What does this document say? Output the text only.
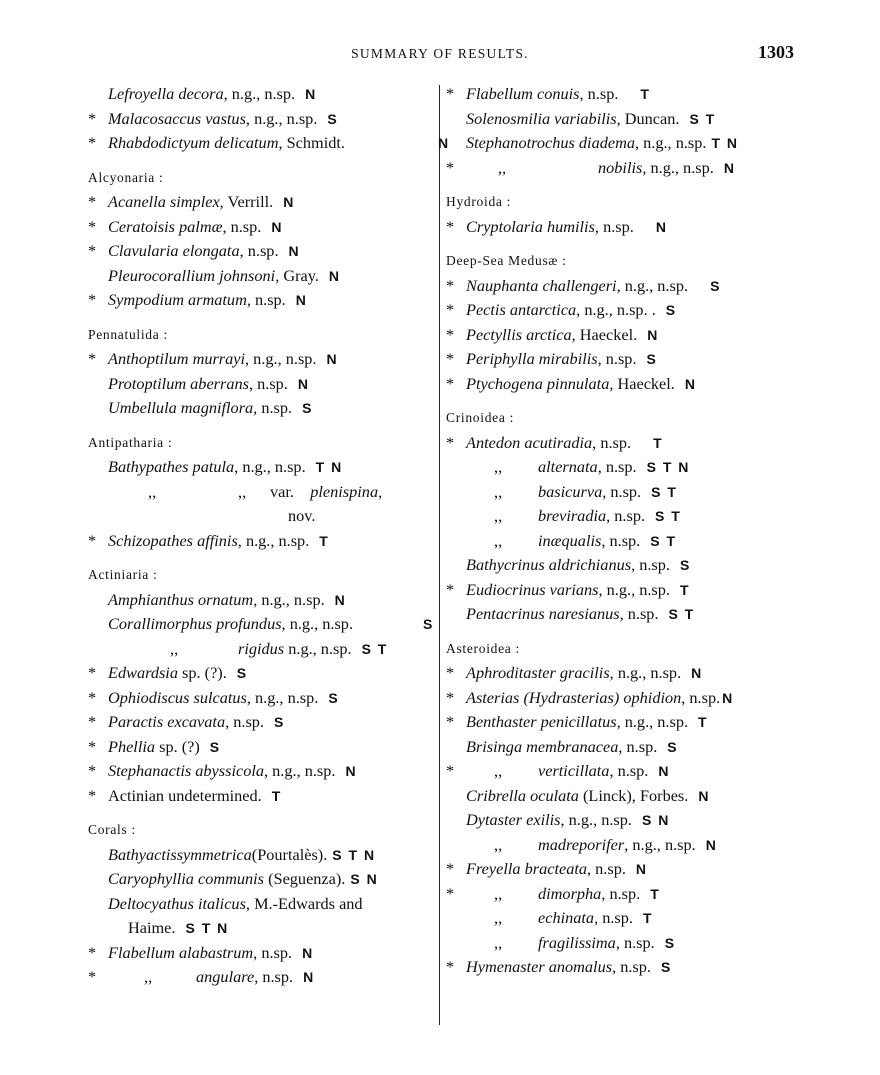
SUMMARY OF RESULTS.	1303
Lefroyella decora, n.g., n.sp. N
* Malacosaccus vastus, n.g., n.sp. S
* Rhabdodictyum delicatum, Schmidt.	N
Alcyonaria :
* Acanella simplex, Verrill. N
* Ceratoisis palmæ, n.sp. N
* Clavularia elongata, n.sp. N
Pleurocorallium johnsoni, Gray. N
* Sympodium armatum, n.sp. N
Pennatulida :
* Anthoptilum murrayi, n.g., n.sp. N
Protoptilum aberrans, n.sp. N
Umbellula magniflora, n.sp. S
Antipatharia :
Bathypathes patula, n.g., n.sp. T N
,,	,, var. plenispina,
nov.
* Schizopathes affinis, n.g., n.sp. T
Actiniaria :
Amphianthus ornatum, n.g., n.sp. N
Corallimorphus profundus, n.g., n.sp.	S
,,	rigidus n.g., n.sp. S T
* Edwardsia sp. (?). S
* Ophiodiscus sulcatus, n.g., n.sp. S
* Paractis excavata, n.sp. S
* Phellia sp. (?) S
* Stephanactis abyssicola, n.g., n.sp. N
* Actinian undetermined. T
Corals :
Bathyactissymmetrica(Pourtalès). S T N
Caryophyllia communis (Seguenza). S N
Deltocyathus italicus, M.-Edwards and
Haime. S T N
* Flabellum alabastrum, n.sp. N
*	,,	angulare, n.sp. N
* Flabellum conuis, n.sp. T
Solenosmilia variabilis, Duncan. S T
Stephanotrochus diadema, n.g., n.sp. T N
*	,,	nobilis, n.g., n.sp. N
Hydroida :
* Cryptolaria humilis, n.sp. N
Deep-Sea Medusæ :
* Nauphanta challengeri, n.g., n.sp. S
* Pectis antarctica, n.g., n.sp. . S
* Pectyllis arctica, Haeckel. N
* Periphylla mirabilis, n.sp. S
* Ptychogena pinnulata, Haeckel. N
Crinoidea :
* Antedon acutiradia, n.sp. T
,, alternata, n.sp. S T N
,, basicurva, n.sp. S T
,, breviradia, n.sp. S T
,, inæqualis, n.sp. S T
Bathycrinus aldrichianus, n.sp. S
* Eudiocrinus varians, n.g., n.sp. T
Pentacrinus naresianus, n.sp. S T
Asteroidea :
* Aphroditaster gracilis, n.g., n.sp. N
* Asterias (Hydrasterias) ophidion, n.sp. N
* Benthaster penicillatus, n.g., n.sp. T
Brisinga membranacea, n.sp. S
* ,, verticillata, n.sp. N
Cribrella oculata (Linck), Forbes. N
Dytaster exilis, n.g., n.sp. S N
,, madreporifer, n.g., n.sp. N
* Freyella bracteata, n.sp. N
* ,, dimorpha, n.sp. T
,, echinata, n.sp. T
,, fragilissima, n.sp. S
* Hymenaster anomalus, n.sp. S
